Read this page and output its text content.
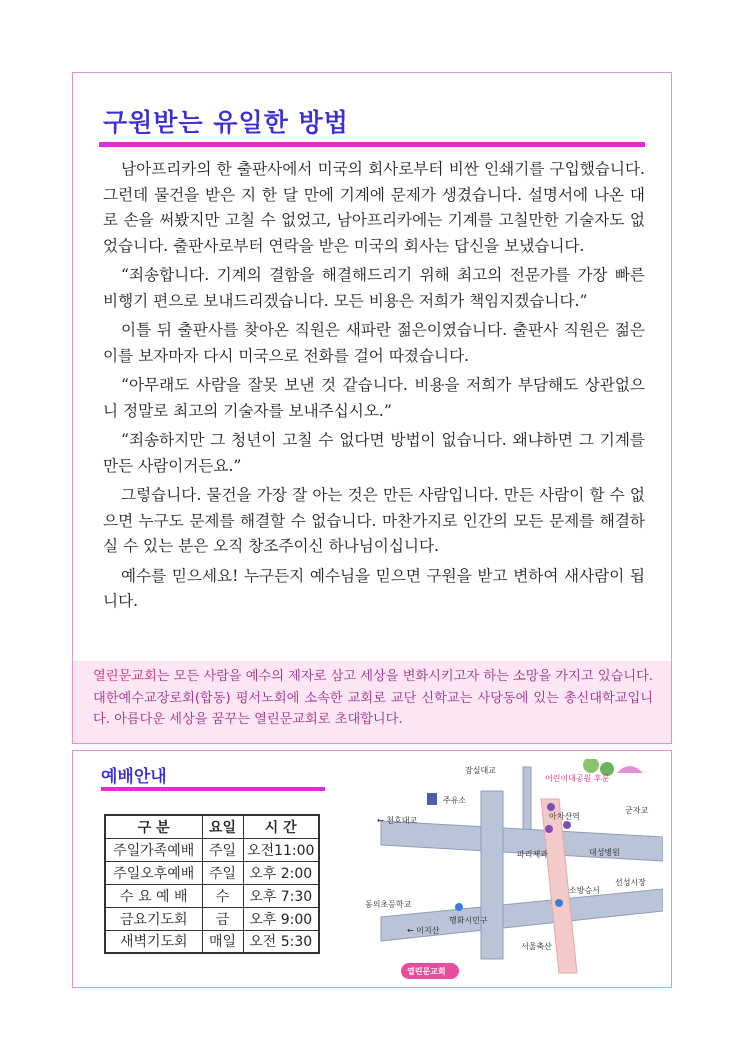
구원받는 유일한 방법

남아프리카의 한 출판사에서 미국의 회사로부터 비싼 인쇄기를 구입했습니다. 그런데 물건을 받은 지 한 달 만에 기계에 문제가 생겼습니다. 설명서에 나온 대로 손을 써봤지만 고칠 수 없었고, 남아프리카에는 기계를 고칠만한 기술자도 없었습니다. 출판사로부터 연락을 받은 미국의 회사는 답신을 보냈습니다.

“죄송합니다. 기계의 결함을 해결해드리기 위해 최고의 전문가를 가장 빠른 비행기 편으로 보내드리겠습니다. 모든 비용은 저희가 책임지겠습니다.”

이틀 뒤 출판사를 찾아온 직원은 새파란 젊은이였습니다. 출판사 직원은 젊은이를 보자마자 다시 미국으로 전화를 걸어 따졌습니다.

“아무래도 사람을 잘못 보낸 것 같습니다. 비용을 저희가 부담해도 상관없으니 정말로 최고의 기술자를 보내주십시오.”

“죄송하지만 그 청년이 고칠 수 없다면 방법이 없습니다. 왜냐하면 그 기계를 만든 사람이거든요.”

그렇습니다. 물건을 가장 잘 아는 것은 만든 사람입니다. 만든 사람이 할 수 없으면 누구도 문제를 해결할 수 없습니다. 마찬가지로 인간의 모든 문제를 해결하실 수 있는 분은 오직 창조주이신 하나님이십니다.

예수를 믿으세요! 누구든지 예수님을 믿으면 구원을 받고 변하여 새사람이 됩니다.

열린문교회는 모든 사람을 예수의 제자로 삼고 세상을 변화시키고자 하는 소망을 가지고 있습니다. 대한예수교장로회(합동) 평서노회에 소속한 교회로 교단 신학교는 사당동에 있는 총신대학교입니다. 아름다운 세상을 꿈꾸는 열린문교회로 초대합니다.
예배안내
구 분	요일	시 간
주일가족예배	주일	오전11:00
주일오후예배	주일	오후 2:00
수 요 예 배	수	오후 7:30
금요기도회	금	오후 9:00
새벽기도회	매일	오전 5:30
잠실대교
어린이대공원 후문
주유소
← 천호대교
군자교
아차산역
파리제과	대성병원
동의초등학교
소방승서
선성시장
행화시민구
← 이지산
서울축산
열린문교회
